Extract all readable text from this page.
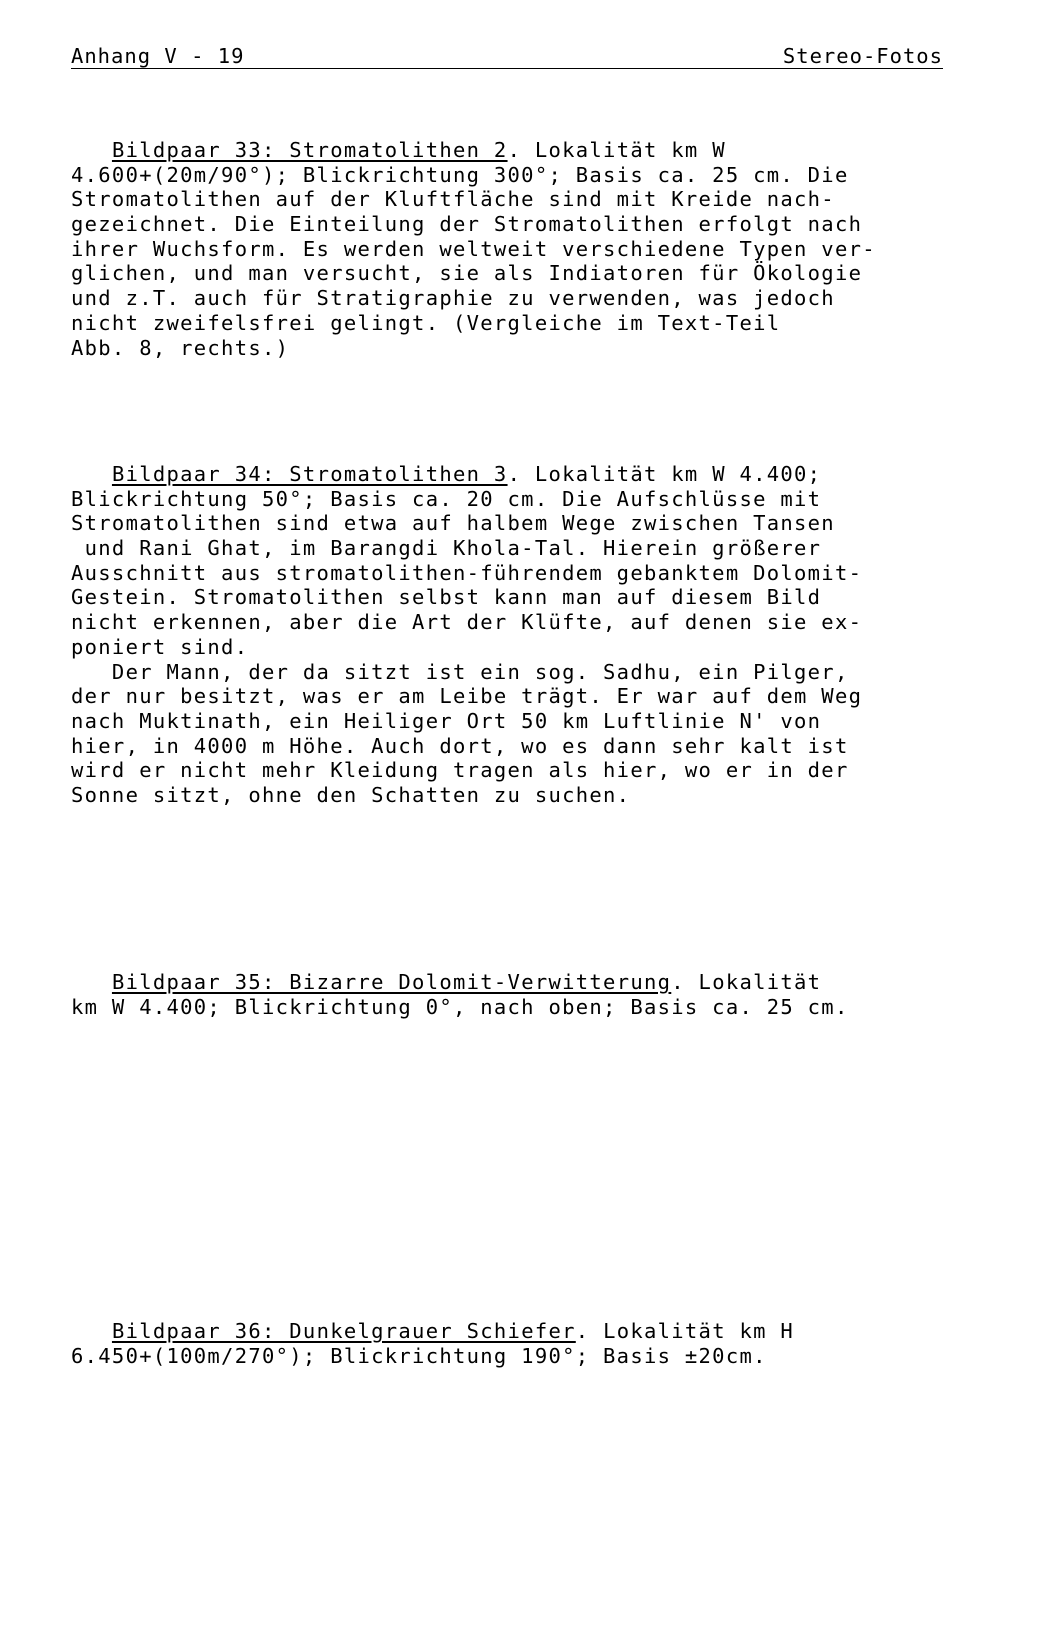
Anhang V - 19	Stereo-Fotos
Bildpaar 33: Stromatolithen 2. Lokalität km W
4.600+(20m/90°); Blickrichtung 300°; Basis ca. 25 cm. Die
Stromatolithen auf der Kluftfläche sind mit Kreide nach-
gezeichnet. Die Einteilung der Stromatolithen erfolgt nach
ihrer Wuchsform. Es werden weltweit verschiedene Typen ver-
glichen, und man versucht, sie als Indiatoren für Ökologie
und z.T. auch für Stratigraphie zu verwenden, was jedoch
nicht zweifelsfrei gelingt. (Vergleiche im Text-Teil
Abb. 8, rechts.)
Bildpaar 34: Stromatolithen 3. Lokalität km W 4.400;
Blickrichtung 50°; Basis ca. 20 cm. Die Aufschlüsse mit
Stromatolithen sind etwa auf halbem Wege zwischen Tansen
und Rani Ghat, im Barangdi Khola-Tal. Hierein größerer
Ausschnitt aus stromatolithen-führendem gebanktem Dolomit-
Gestein. Stromatolithen selbst kann man auf diesem Bild
nicht erkennen, aber die Art der Klüfte, auf denen sie ex-
poniert sind.
Der Mann, der da sitzt ist ein sog. Sadhu, ein Pilger,
der nur besitzt, was er am Leibe trägt. Er war auf dem Weg
nach Muktinath, ein Heiliger Ort 50 km Luftlinie N' von
hier, in 4000 m Höhe. Auch dort, wo es dann sehr kalt ist
wird er nicht mehr Kleidung tragen als hier, wo er in der
Sonne sitzt, ohne den Schatten zu suchen.
Bildpaar 35: Bizarre Dolomit-Verwitterung. Lokalität
km W 4.400; Blickrichtung 0°, nach oben; Basis ca. 25 cm.
Bildpaar 36: Dunkelgrauer Schiefer. Lokalität km H
6.450+(100m/270°); Blickrichtung 190°; Basis ±20cm.
